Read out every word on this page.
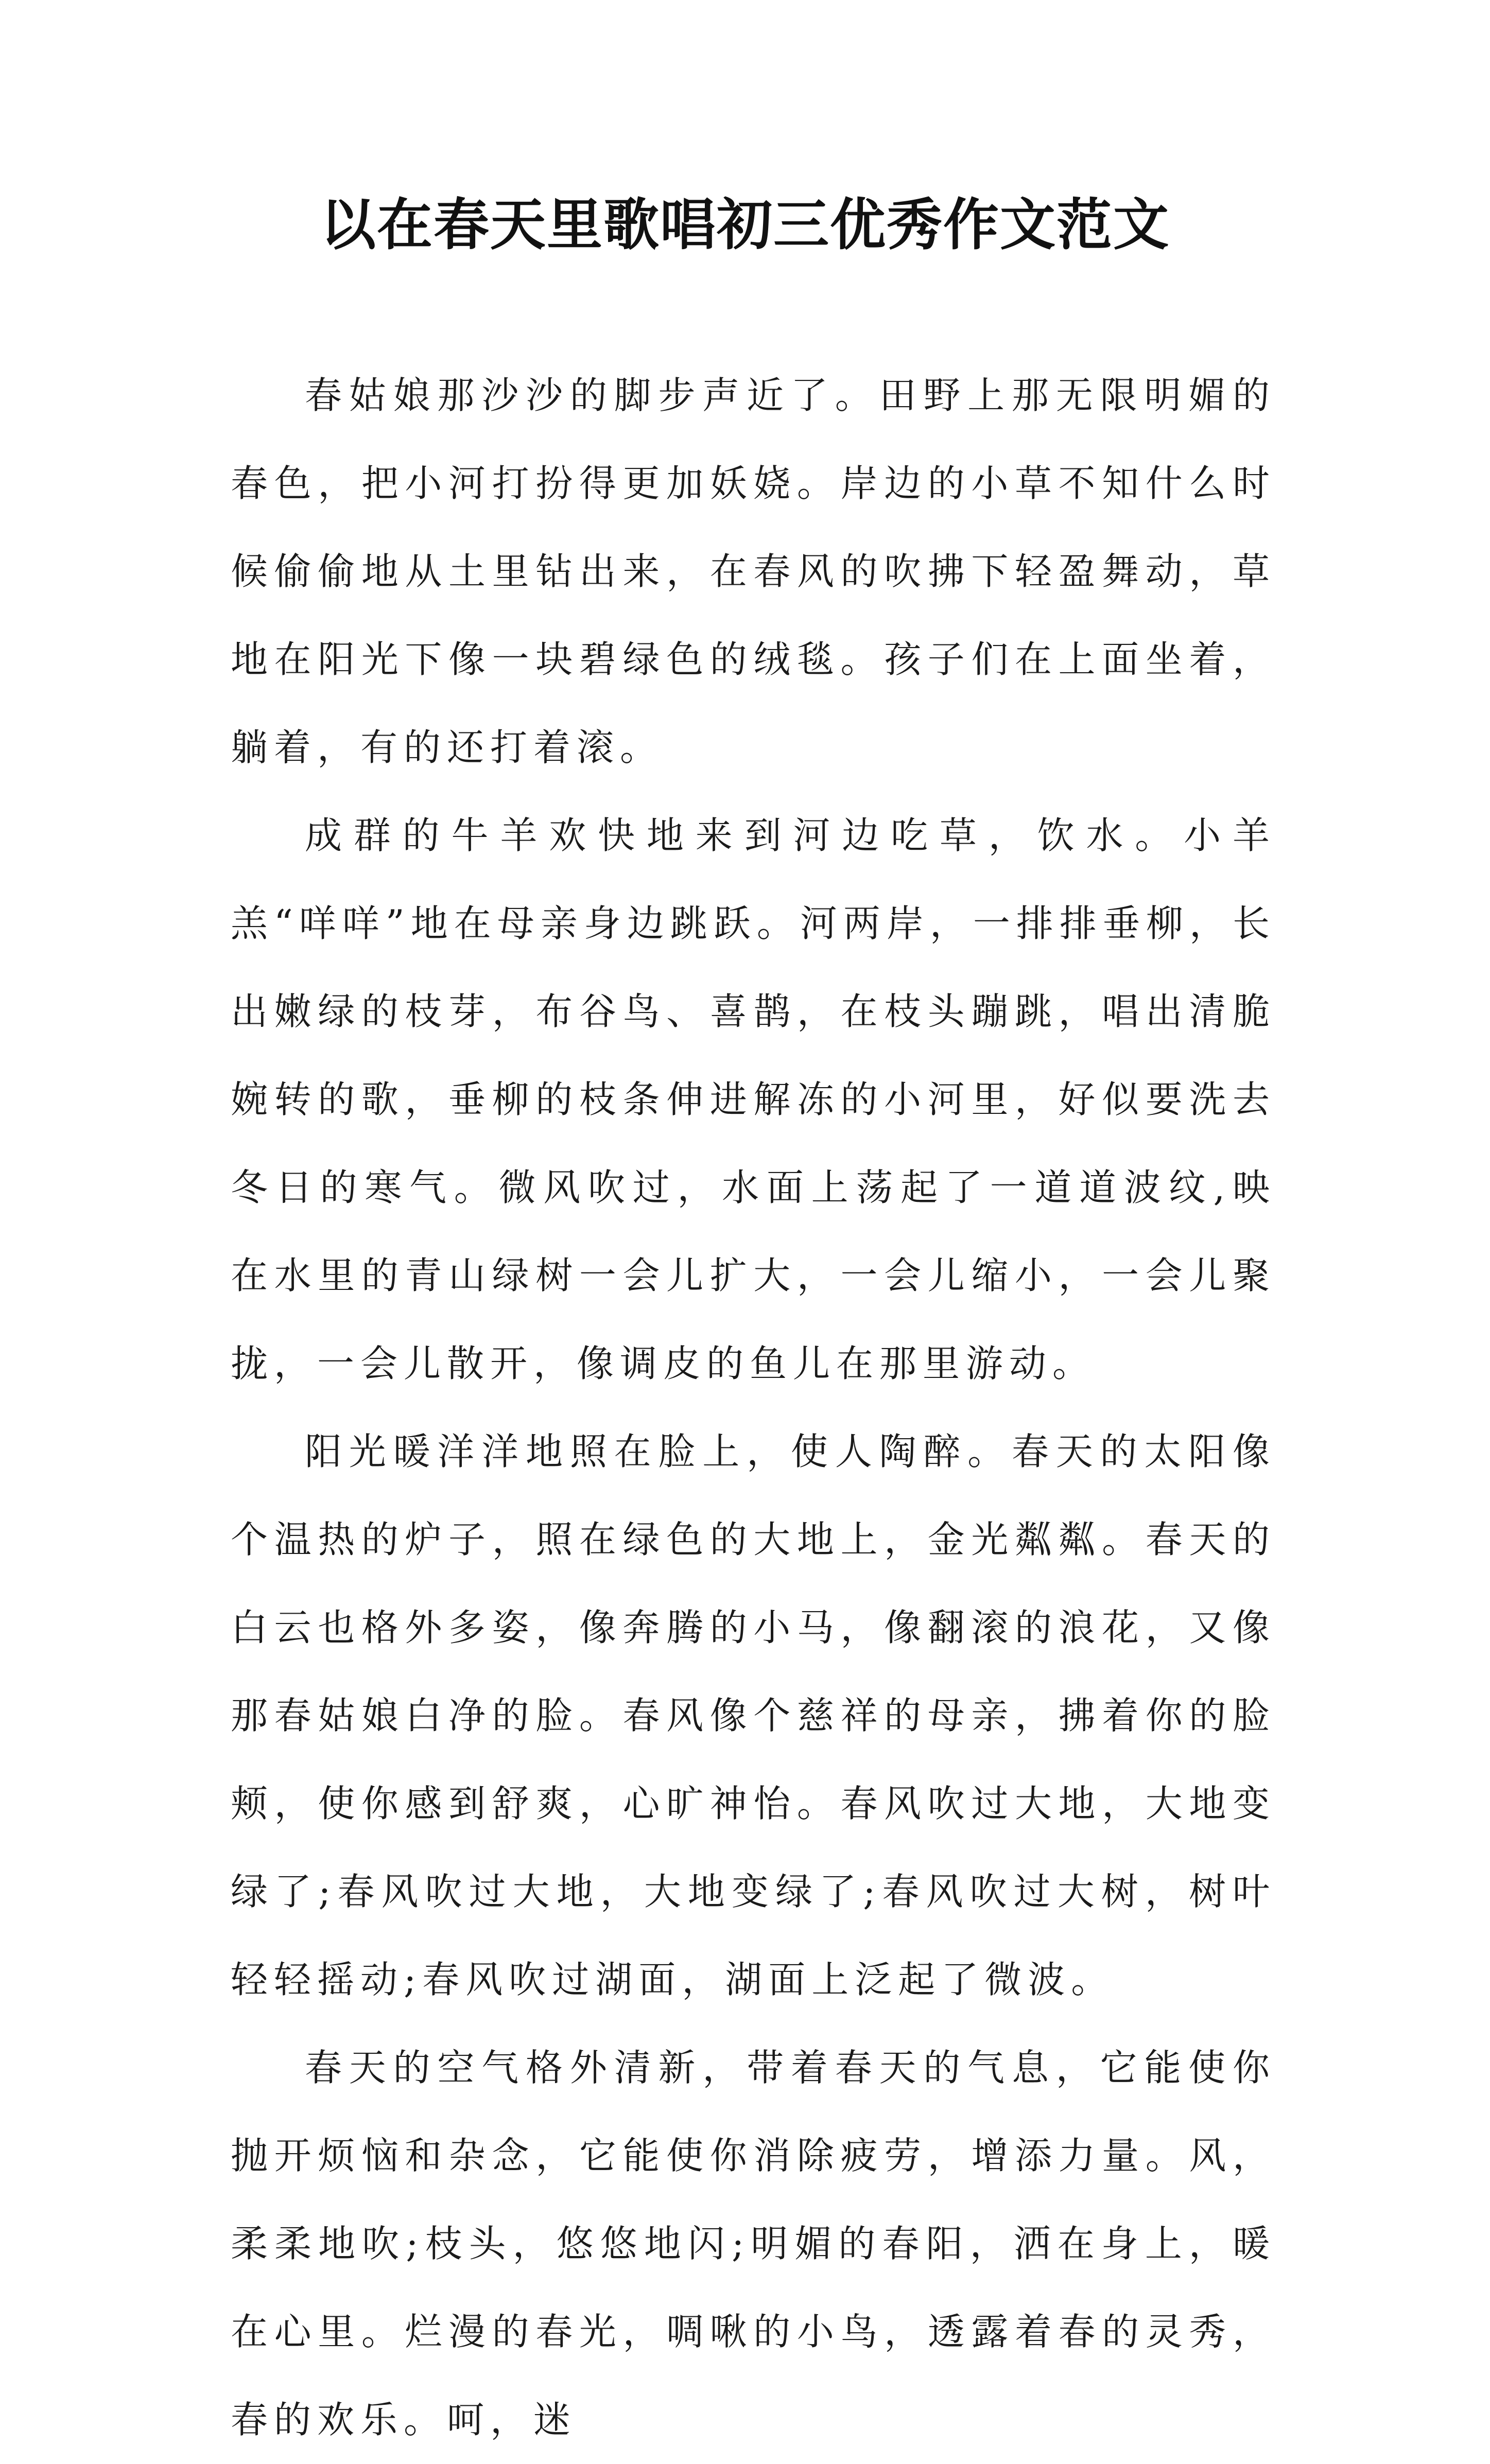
以在春天里歌唱初三优秀作文范文

春姑娘那沙沙的脚步声近了。田野上那无限明媚的春色，把小河打扮得更加妖娆。岸边的小草不知什么时候偷偷地从土里钻出来，在春风的吹拂下轻盈舞动，草地在阳光下像一块碧绿色的绒毯。孩子们在上面坐着，躺着，有的还打着滚。

成群的牛羊欢快地来到河边吃草，饮水。小羊羔“咩咩”地在母亲身边跳跃。河两岸，一排排垂柳，长出嫩绿的枝芽，布谷鸟、喜鹊，在枝头蹦跳，唱出清脆婉转的歌，垂柳的枝条伸进解冻的小河里，好似要洗去冬日的寒气。微风吹过，水面上荡起了一道道波纹,映在水里的青山绿树一会儿扩大，一会儿缩小，一会儿聚拢，一会儿散开，像调皮的鱼儿在那里游动。

阳光暖洋洋地照在脸上，使人陶醉。春天的太阳像个温热的炉子，照在绿色的大地上，金光粼粼。春天的白云也格外多姿，像奔腾的小马，像翻滚的浪花，又像那春姑娘白净的脸。春风像个慈祥的母亲，拂着你的脸颊，使你感到舒爽，心旷神怡。春风吹过大地，大地变绿了;春风吹过大地，大地变绿了;春风吹过大树，树叶轻轻摇动;春风吹过湖面，湖面上泛起了微波。

春天的空气格外清新，带着春天的气息，它能使你抛开烦恼和杂念，它能使你消除疲劳，增添力量。风，柔柔地吹;枝头，悠悠地闪;明媚的春阳，洒在身上，暖在心里。烂漫的春光，啁啾的小鸟，透露着春的灵秀，春的欢乐。呵，迷
